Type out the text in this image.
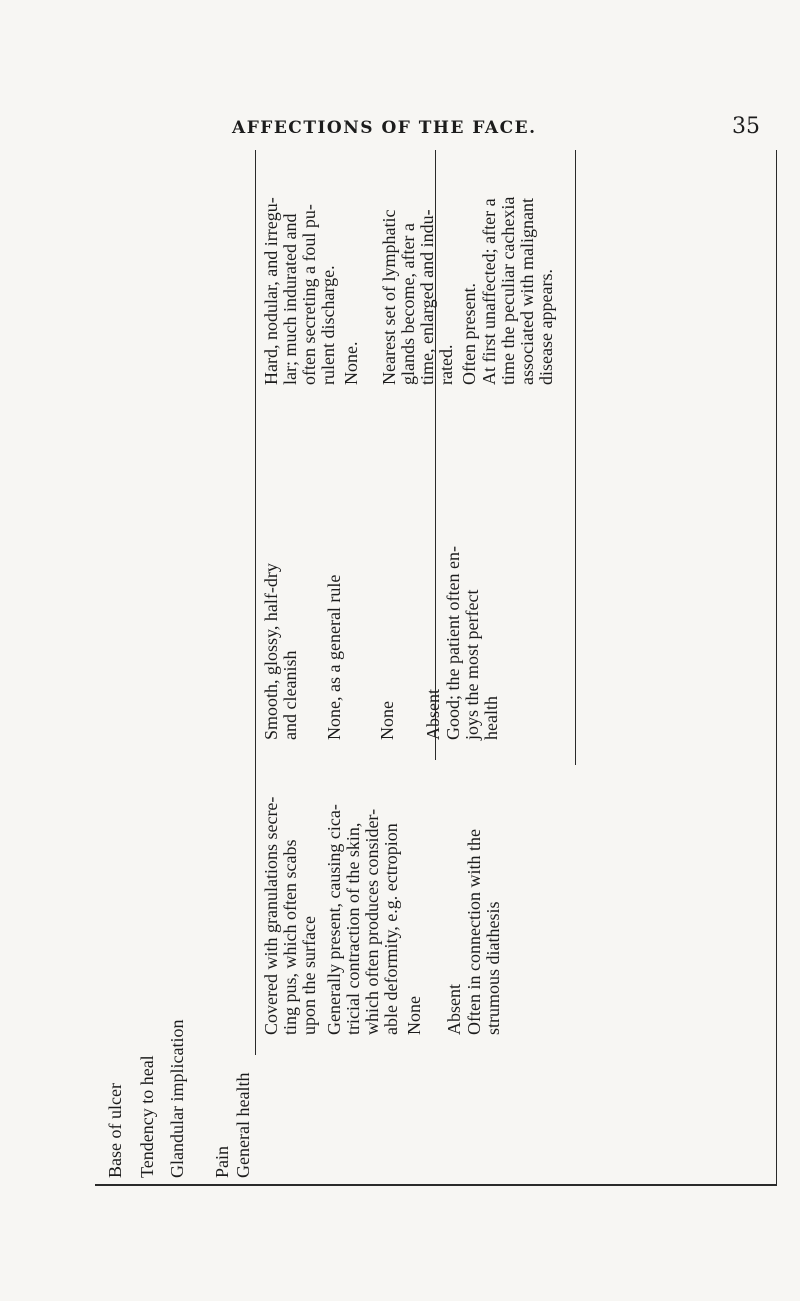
AFFECTIONS OF THE FACE.	35
Base of ulcer Tendency to heal Glandular implication Pain General health
Covered with granulations secre- ting pus, which often scabs upon the surface Generally present, causing cica- tricial contraction of the skin, which often produces consider- able deformity, e.g. ectropion None Absent Often in connection with the strumous diathesis
Smooth, glossy, half-dry and cleanish None, as a general rule None Absent Good; the patient often en- joys the most perfect health
Hard, nodular, and irregu- lar; much indurated and often secreting a foul pu- rulent discharge. None. Nearest set of lymphatic glands become, after a time, enlarged and indu- rated. Often present. At first unaffected; after a time the peculiar cachexia associated with malignant disease appears.
